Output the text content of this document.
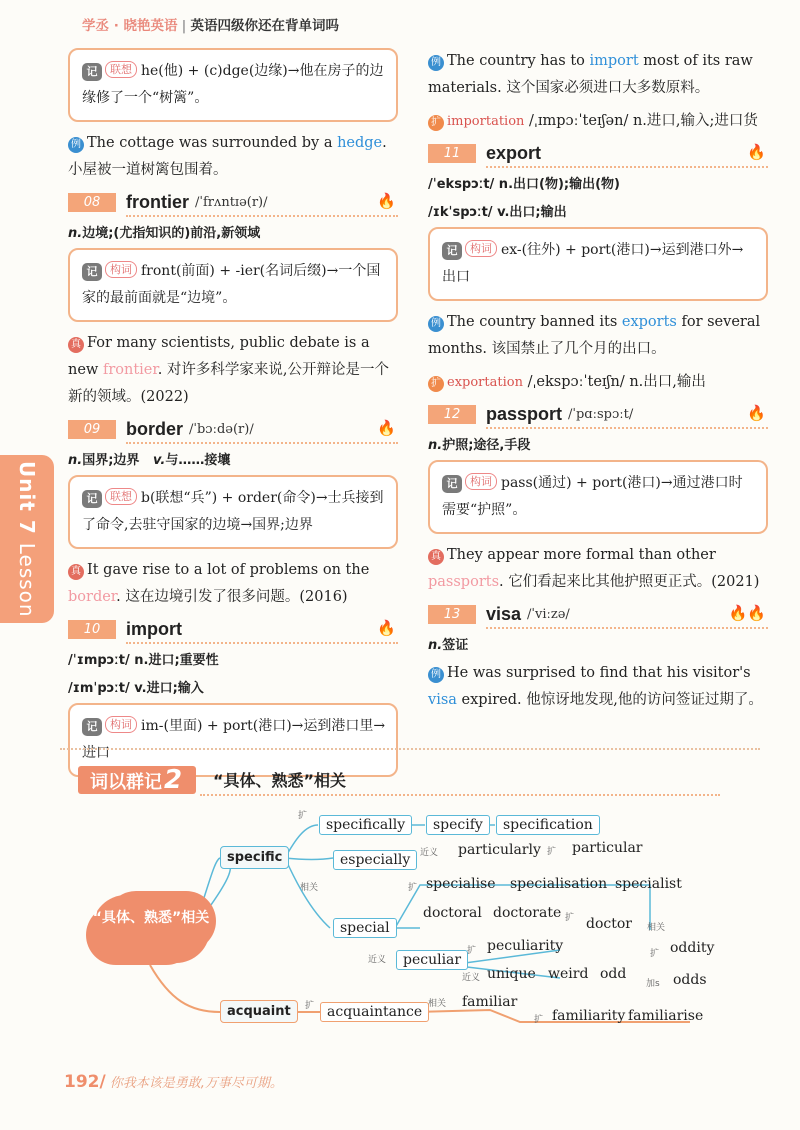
学丞 · 晓艳英语 | 英语四级你还在背单词吗
Unit 7 Lesson
记 联想 he(他) + (c)dge(边缘)→他在房子的边缘修了一个“树篱”。
例 The cottage was surrounded by a hedge. 小屋被一道树篱包围着。
08	frontier /ˈfrʌntɪə(r)/	🔥
n.边境;(尤指知识的)前沿,新领域
记 构词 front(前面) + -ier(名词后缀)→一个国家的最前面就是“边境”。
真 For many scientists, public debate is a new frontier. 对许多科学家来说,公开辩论是一个新的领域。(2022)
09	border /ˈbɔːdə(r)/	🔥
n.国界;边界 v.与……接壤
记 联想 b(联想“兵”) + order(命令)→士兵接到了命令,去驻守国家的边境→国界;边界
真 It gave rise to a lot of problems on the border. 这在边境引发了很多问题。(2016)
10	import	🔥
/ˈɪmpɔːt/ n.进口;重要性
/ɪmˈpɔːt/ v.进口;输入
记 构词 im-(里面) + port(港口)→运到港口里→进口
例 The country has to import most of its raw materials. 这个国家必须进口大多数原料。
扩 importation /ˌɪmpɔːˈteɪʃən/ n.进口,输入;进口货
11	export	🔥
/ˈekspɔːt/ n.出口(物);输出(物)
/ɪkˈspɔːt/ v.出口;输出
记 构词 ex-(往外) + port(港口)→运到港口外→出口
例 The country banned its exports for several months. 该国禁止了几个月的出口。
扩 exportation /ˌekspɔːˈteɪʃn/ n.出口,输出
12	passport /ˈpɑːspɔːt/	🔥
n.护照;途径,手段
记 构词 pass(通过) + port(港口)→通过港口时需要“护照”。
真 They appear more formal than other passports. 它们看起来比其他护照更正式。(2021)
13	visa /ˈviːzə/	🔥🔥
n.签证
例 He was surprised to find that his visitor's visa expired. 他惊讶地发现,他的访问签证过期了。
词以群记2	“具体、熟悉”相关
“具体、熟悉”相关
specific
扩
specifically	specify	specification
especially	近义 particularly 扩 particular
相关	扩 specialise specialisation specialist
doctoral doctorate 扩 doctor 相关
special
近义	peculiar
扩 peculiarity
近义 unique weird odd
扩 oddity
加s odds
acquaint	扩 acquaintance 相关 familiar
扩 familiarity familiarise
192/ 你我本该是勇敢,万事尽可期。
